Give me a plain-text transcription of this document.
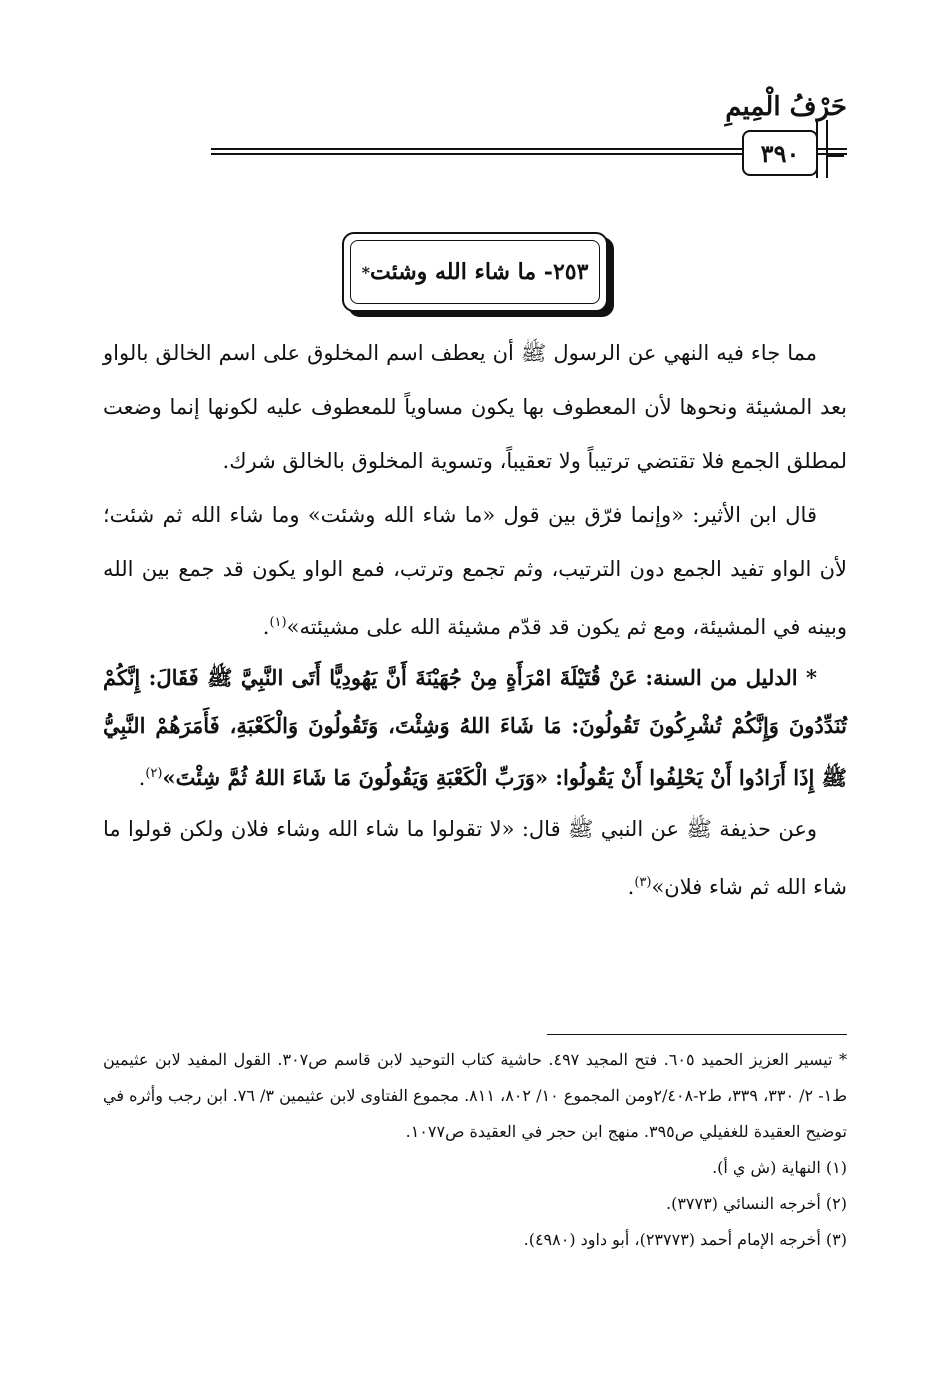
حَرْفُ الْمِيمِ
٣٩٠
٢٥٣- ما شاء الله وشئت
*

مما جاء فيه النهي عن الرسول ﷺ أن يعطف اسم المخلوق على اسم الخالق بالواو بعد المشيئة ونحوها لأن المعطوف بها يكون مساوياً للمعطوف عليه لكونها إنما وضعت لمطلق الجمع فلا تقتضي ترتيباً ولا تعقيباً، وتسوية المخلوق بالخالق شرك.

قال ابن الأثير: «وإنما فرّق بين قول «ما شاء الله وشئت» وما شاء الله ثم شئت؛ لأن الواو تفيد الجمع دون الترتيب، وثم تجمع وترتب، فمع الواو يكون قد جمع بين الله وبينه في المشيئة، ومع ثم يكون قد قدّم مشيئة الله على مشيئته»$^{(١)}$.

* الدليل من السنة: عَنْ قُتَيْلَةَ امْرَأَةٍ مِنْ جُهَيْنَةَ أَنَّ يَهُودِيًّا أَتَى النَّبِيَّ ﷺ فَقَالَ: إِنَّكُمْ تُنَدِّدُونَ وَإِنَّكُمْ تُشْرِكُونَ تَقُولُونَ: مَا شَاءَ اللهُ وَشِئْتَ، وَتَقُولُونَ وَالْكَعْبَةِ، فَأَمَرَهُمْ النَّبِيُّ ﷺ إِذَا أَرَادُوا أَنْ يَحْلِفُوا أَنْ يَقُولُوا: «وَرَبِّ الْكَعْبَةِ وَيَقُولُونَ مَا شَاءَ اللهُ ثُمَّ شِئْتَ»$^{(٢)}$.

وعن حذيفة ﷺ عن النبي ﷺ قال: «لا تقولوا ما شاء الله وشاء فلان ولكن قولوا ما شاء الله ثم شاء فلان»$^{(٣)}$.

* تيسير العزيز الحميد ٦٠٥. فتح المجيد ٤٩٧. حاشية كتاب التوحيد لابن قاسم ص٣٠٧. القول المفيد لابن عثيمين ط١- ٢/ ٣٣٠، ٣٣٩، ط٢-٢/٤٠٨ومن المجموع ١٠/ ٨٠٢، ٨١١. مجموع الفتاوى لابن عثيمين ٣/ ٧٦. ابن رجب وأثره في توضيح العقيدة للغفيلي ص٣٩٥. منهج ابن حجر في العقيدة ص١٠٧٧.

(١) النهاية (ش ي أ).

(٢) أخرجه النسائي (٣٧٧٣).

(٣) أخرجه الإمام أحمد (٢٣٧٧٣)، أبو داود (٤٩٨٠).
